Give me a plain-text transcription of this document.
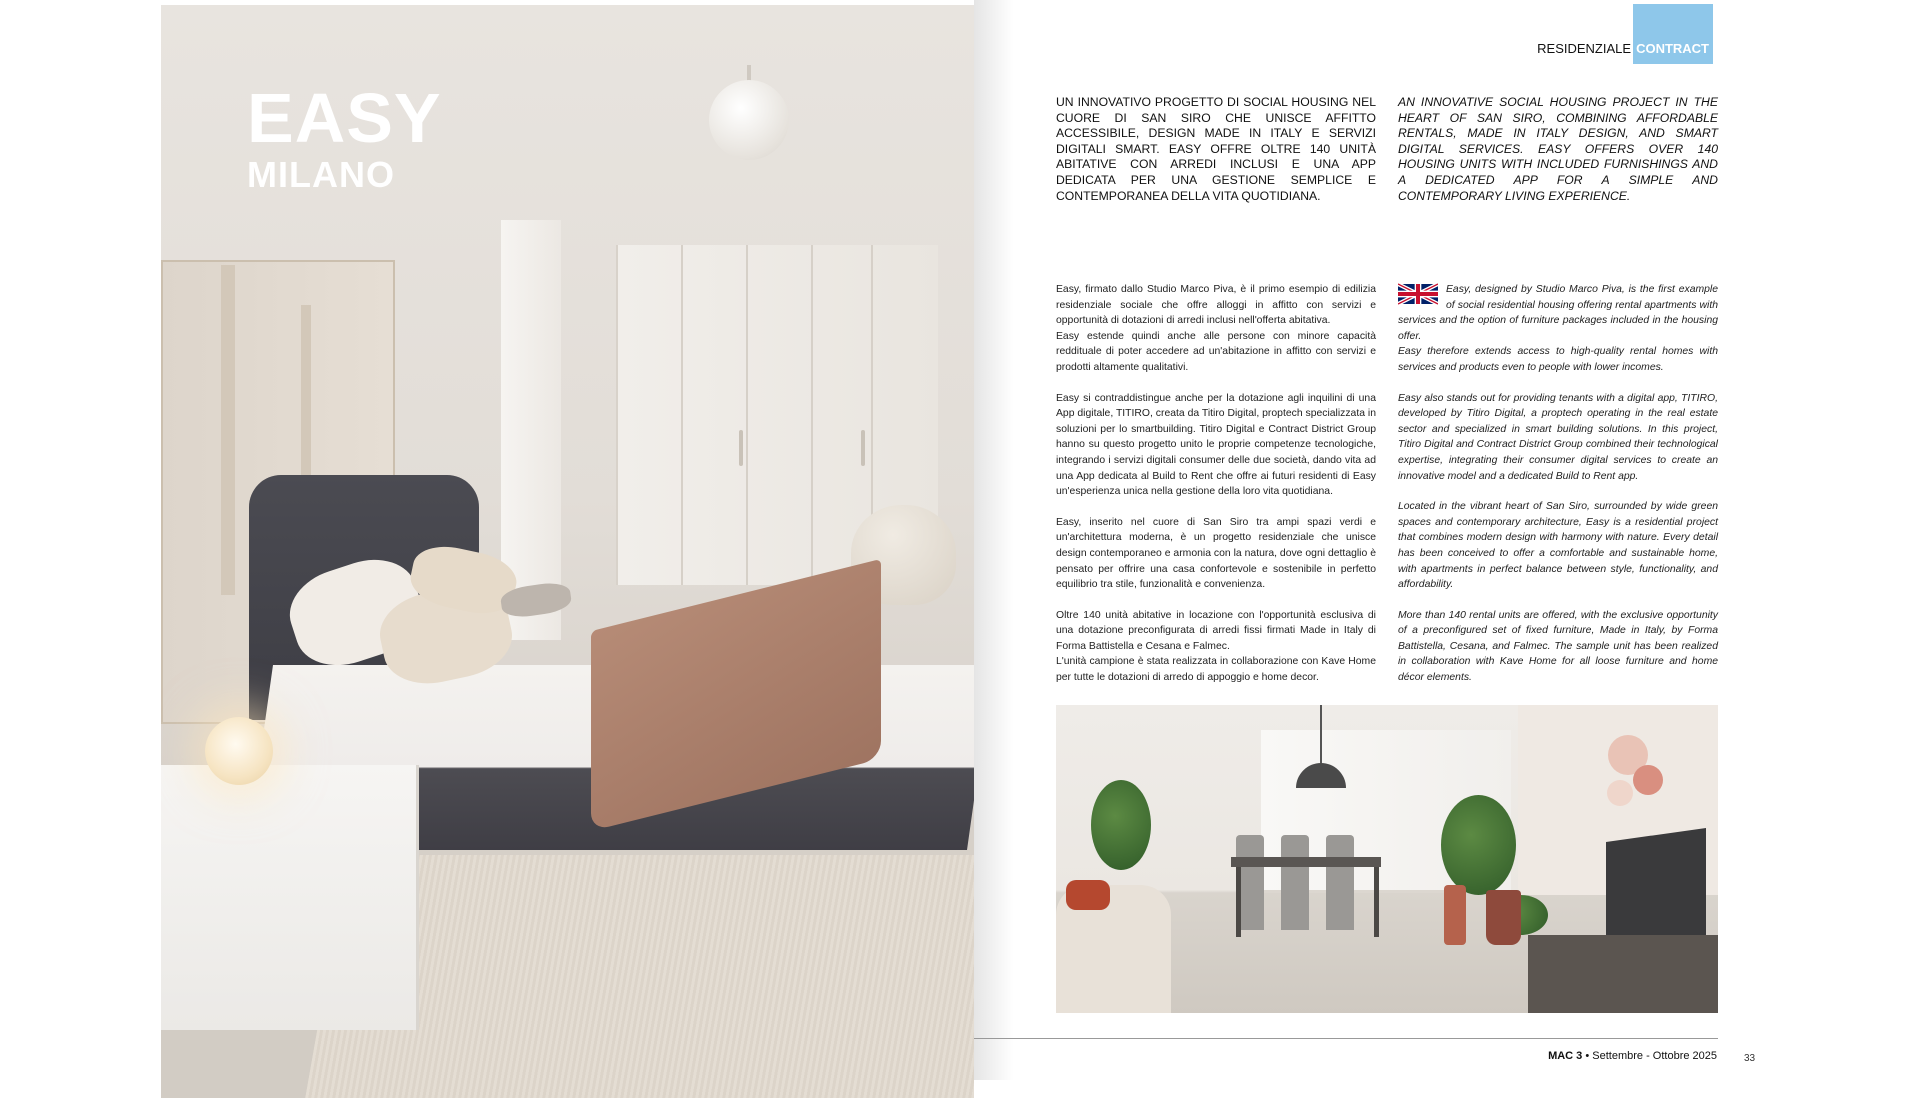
EASY
MILANO
RESIDENZIALE CONTRACT

UN INNOVATIVO PROGETTO DI SOCIAL HOUSING NEL CUORE DI SAN SIRO CHE UNISCE AFFITTO ACCESSIBILE, DESIGN MADE IN ITALY E SERVIZI DIGITALI SMART. EASY OFFRE OLTRE 140 UNITÀ ABITATIVE CON ARREDI INCLUSI E UNA APP DEDICATA PER UNA GESTIONE SEMPLICE E CONTEMPORANEA DELLA VITA QUOTIDIANA.

AN INNOVATIVE SOCIAL HOUSING PROJECT IN THE HEART OF SAN SIRO, COMBINING AFFORDABLE RENTALS, MADE IN ITALY DESIGN, AND SMART DIGITAL SERVICES. EASY OFFERS OVER 140 HOUSING UNITS WITH INCLUDED FURNISHINGS AND A DEDICATED APP FOR A SIMPLE AND CONTEMPORARY LIVING EXPERIENCE.

Easy, firmato dallo Studio Marco Piva, è il primo esempio di edilizia residenziale sociale che offre alloggi in affitto con servizi e opportunità di dotazioni di arredi inclusi nell'offerta abitativa.
Easy estende quindi anche alle persone con minore capacità reddituale di poter accedere ad un'abitazione in affitto con servizi e prodotti altamente qualitativi.

Easy si contraddistingue anche per la dotazione agli inquilini di una App digitale, TITIRO, creata da Titiro Digital, proptech specializzata in soluzioni per lo smartbuilding. Titiro Digital e Contract District Group hanno su questo progetto unito le proprie competenze tecnologiche, integrando i servizi digitali consumer delle due società, dando vita ad una App dedicata al Build to Rent che offre ai futuri residenti di Easy un'esperienza unica nella gestione della loro vita quotidiana.

Easy, inserito nel cuore di San Siro tra ampi spazi verdi e un'architettura moderna, è un progetto residenziale che unisce design contemporaneo e armonia con la natura, dove ogni dettaglio è pensato per offrire una casa confortevole e sostenibile in perfetto equilibrio tra stile, funzionalità e convenienza.

Oltre 140 unità abitative in locazione con l'opportunità esclusiva di una dotazione preconfigurata di arredi fissi firmati Made in Italy di Forma Battistella e Cesana e Falmec.
L'unità campione è stata realizzata in collaborazione con Kave Home per tutte le dotazioni di arredo di appoggio e home decor.

Easy, designed by Studio Marco Piva, is the first example of social residential housing offering rental apartments with services and the option of furniture packages included in the housing offer.
Easy therefore extends access to high-quality rental homes with services and products even to people with lower incomes.

Easy also stands out for providing tenants with a digital app, TITIRO, developed by Titiro Digital, a proptech operating in the real estate sector and specialized in smart building solutions. In this project, Titiro Digital and Contract District Group combined their technological expertise, integrating their consumer digital services to create an innovative model and a dedicated Build to Rent app.

Located in the vibrant heart of San Siro, surrounded by wide green spaces and contemporary architecture, Easy is a residential project that combines modern design with harmony with nature. Every detail has been conceived to offer a comfortable and sustainable home, with apartments in perfect balance between style, functionality, and affordability.

More than 140 rental units are offered, with the exclusive opportunity of a preconfigured set of fixed furniture, Made in Italy, by Forma Battistella, Cesana, and Falmec. The sample unit has been realized in collaboration with Kave Home for all loose furniture and home décor elements.

MAC 3 • Settembre - Ottobre 2025	33
